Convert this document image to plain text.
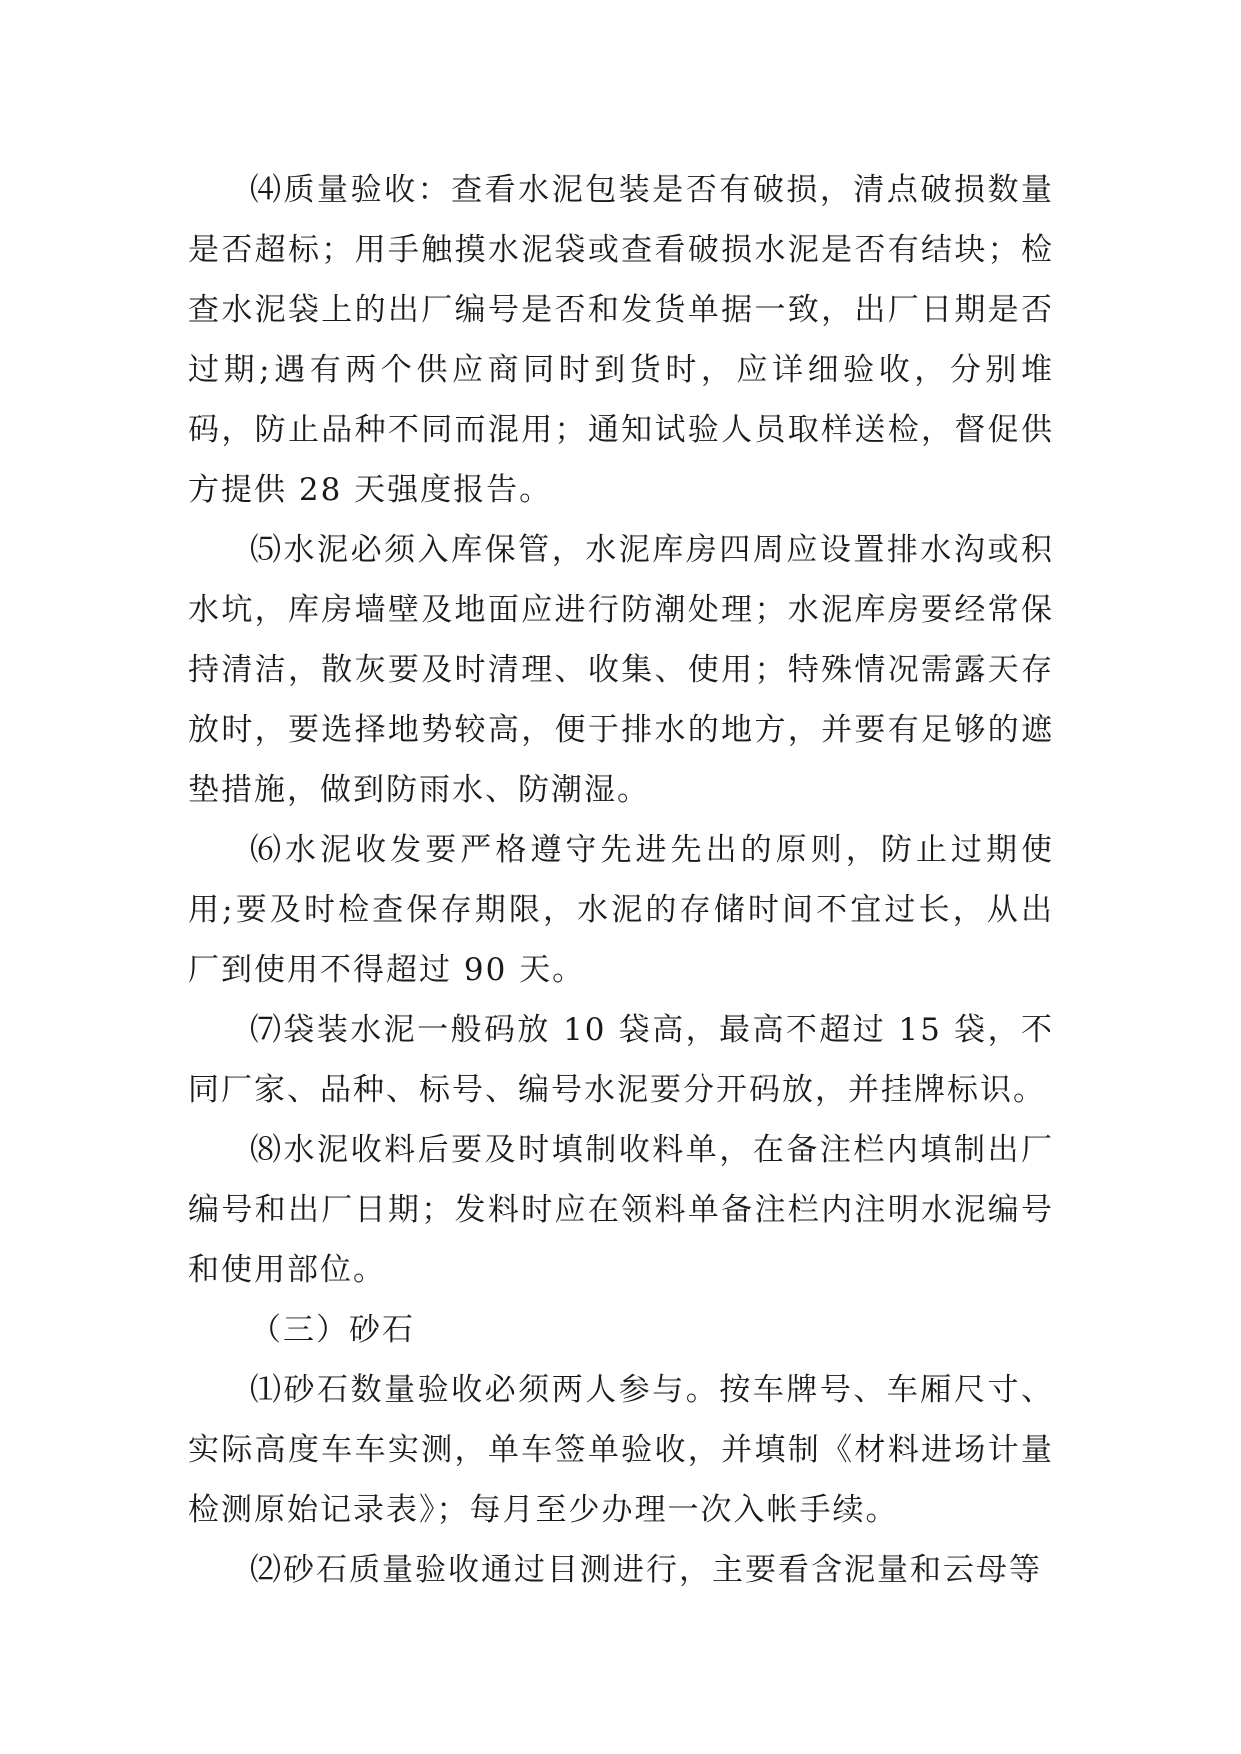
⑷质量验收：查看水泥包装是否有破损，清点破损数量是否超标；用手触摸水泥袋或查看破损水泥是否有结块；检查水泥袋上的出厂编号是否和发货单据一致，出厂日期是否过期;遇有两个供应商同时到货时，应详细验收，分别堆码，防止品种不同而混用；通知试验人员取样送检，督促供方提供 28 天强度报告。

⑸水泥必须入库保管，水泥库房四周应设置排水沟或积水坑，库房墙壁及地面应进行防潮处理；水泥库房要经常保持清洁，散灰要及时清理、收集、使用；特殊情况需露天存放时，要选择地势较高，便于排水的地方，并要有足够的遮垫措施，做到防雨水、防潮湿。

⑹水泥收发要严格遵守先进先出的原则，防止过期使用;要及时检查保存期限，水泥的存储时间不宜过长，从出厂到使用不得超过 90 天。

⑺袋装水泥一般码放 10 袋高，最高不超过 15 袋，不同厂家、品种、标号、编号水泥要分开码放，并挂牌标识。

⑻水泥收料后要及时填制收料单，在备注栏内填制出厂编号和出厂日期；发料时应在领料单备注栏内注明水泥编号和使用部位。

（三）砂石

⑴砂石数量验收必须两人参与。按车牌号、车厢尺寸、实际高度车车实测，单车签单验收，并填制《材料进场计量检测原始记录表》；每月至少办理一次入帐手续。

⑵砂石质量验收通过目测进行，主要看含泥量和云母等
